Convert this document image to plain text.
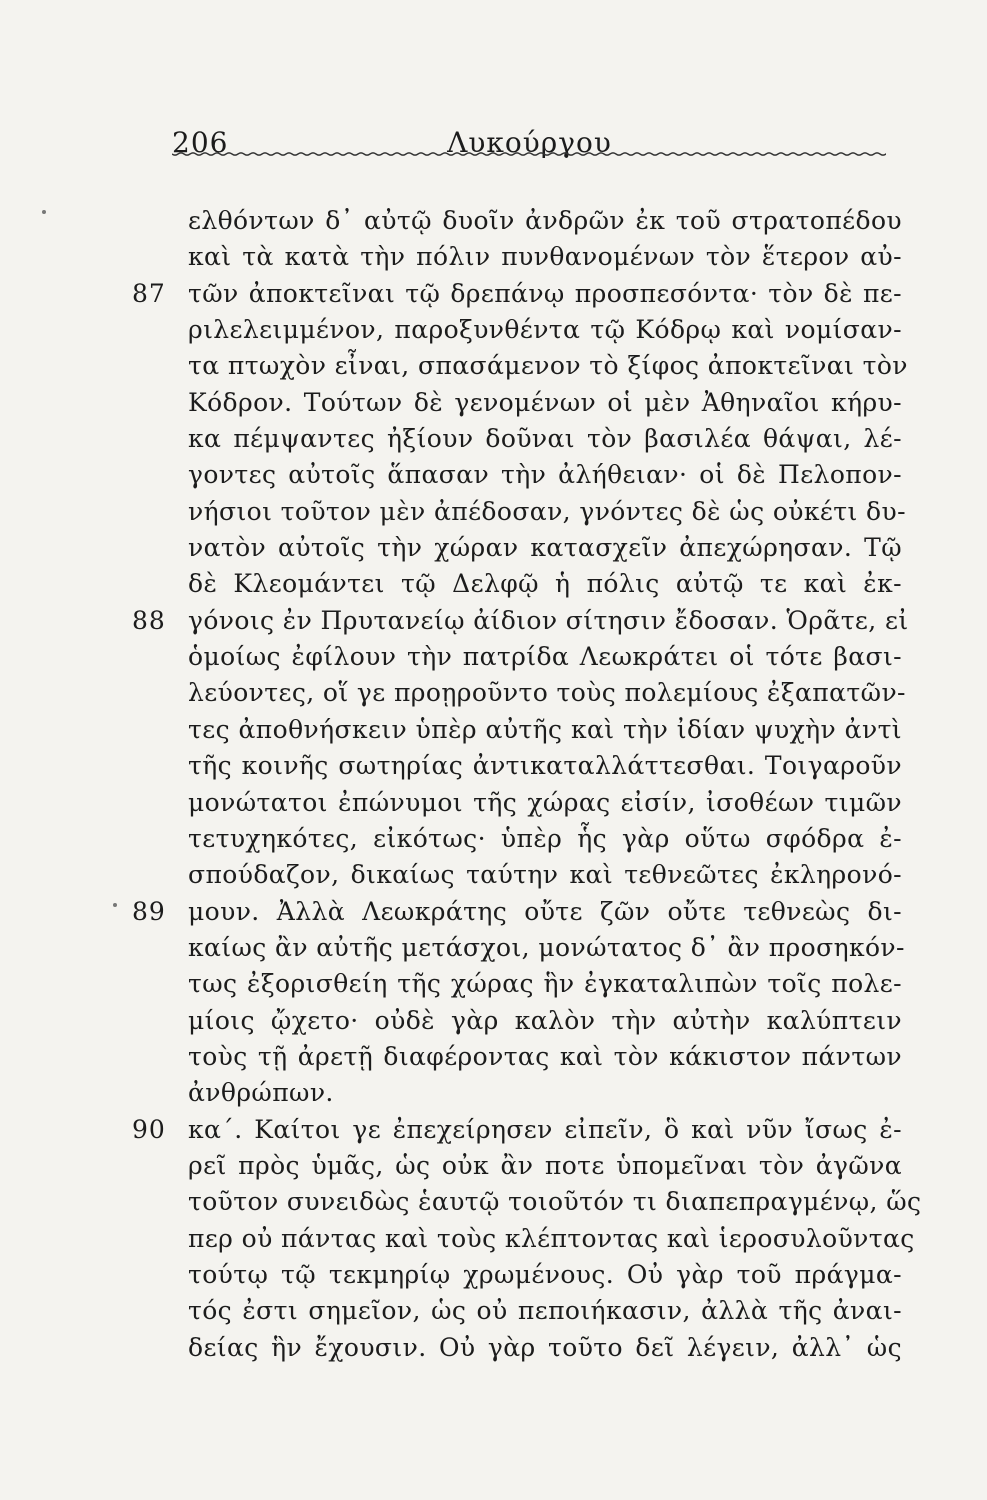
206	Λυκούργου
ελθόντων δ᾽ αὐτῷ δυοῖν ἀνδρῶν ἐκ τοῦ στρατοπέδου
καὶ τὰ κατὰ τὴν πόλιν πυνθανομένων τὸν ἕτερον αὐ-
87 τῶν ἀποκτεῖναι τῷ δρεπάνῳ προσπεσόντα· τὸν δὲ πε-
ριλελειμμένον, παροξυνθέντα τῷ Κόδρῳ καὶ νομίσαν-
τα πτωχὸν εἶναι, σπασάμενον τὸ ξίφος ἀποκτεῖναι τὸν
Κόδρον. Τούτων δὲ γενομένων οἱ μὲν Ἀθηναῖοι κήρυ-
κα πέμψαντες ἠξίουν δοῦναι τὸν βασιλέα θάψαι, λέ-
γοντες αὐτοῖς ἅπασαν τὴν ἀλήθειαν· οἱ δὲ Πελοπον-
νήσιοι τοῦτον μὲν ἀπέδοσαν, γνόντες δὲ ὡς οὐκέτι δυ-
νατὸν αὐτοῖς τὴν χώραν κατασχεῖν ἀπεχώρησαν. Τῷ
δὲ Κλεομάντει τῷ Δελφῷ ἡ πόλις αὐτῷ τε καὶ ἐκ-
88 γόνοις ἐν Πρυτανείῳ ἀίδιον σίτησιν ἔδοσαν. Ὁρᾶτε, εἰ
ὁμοίως ἐφίλουν τὴν πατρίδα Λεωκράτει οἱ τότε βασι-
λεύοντες, οἵ γε προῃροῦντο τοὺς πολεμίους ἐξαπατῶν-
τες ἀποθνήσκειν ὑπὲρ αὐτῆς καὶ τὴν ἰδίαν ψυχὴν ἀντὶ
τῆς κοινῆς σωτηρίας ἀντικαταλλάττεσθαι. Τοιγαροῦν
μονώτατοι ἐπώνυμοι τῆς χώρας εἰσίν, ἰσοθέων τιμῶν
τετυχηκότες, εἰκότως· ὑπὲρ ἧς γὰρ οὕτω σφόδρα ἐ-
σπούδαζον, δικαίως ταύτην καὶ τεθνεῶτες ἐκληρονό-
89 μουν. Ἀλλὰ Λεωκράτης οὔτε ζῶν οὔτε τεθνεὼς δι-
καίως ἂν αὐτῆς μετάσχοι, μονώτατος δ᾽ ἂν προσηκόν-
τως ἐξορισθείη τῆς χώρας ἣν ἐγκαταλιπὼν τοῖς πολε-
μίοις ᾤχετο· οὐδὲ γὰρ καλὸν τὴν αὐτὴν καλύπτειν
τοὺς τῇ ἀρετῇ διαφέροντας καὶ τὸν κάκιστον πάντων
ἀνθρώπων.
90 κα´. Καίτοι γε ἐπεχείρησεν εἰπεῖν, ὃ καὶ νῦν ἴσως ἐ-
ρεῖ πρὸς ὑμᾶς, ὡς οὐκ ἂν ποτε ὑπομεῖναι τὸν ἀγῶνα
τοῦτον συνειδὼς ἑαυτῷ τοιοῦτόν τι διαπεπραγμένῳ, ὥς
περ οὐ πάντας καὶ τοὺς κλέπτοντας καὶ ἱεροσυλοῦντας
τούτῳ τῷ τεκμηρίῳ χρωμένους. Οὐ γὰρ τοῦ πράγμα-
τός ἐστι σημεῖον, ὡς οὐ πεποιήκασιν, ἀλλὰ τῆς ἀναι-
δείας ἣν ἔχουσιν. Οὐ γὰρ τοῦτο δεῖ λέγειν, ἀλλ᾽ ὡς
